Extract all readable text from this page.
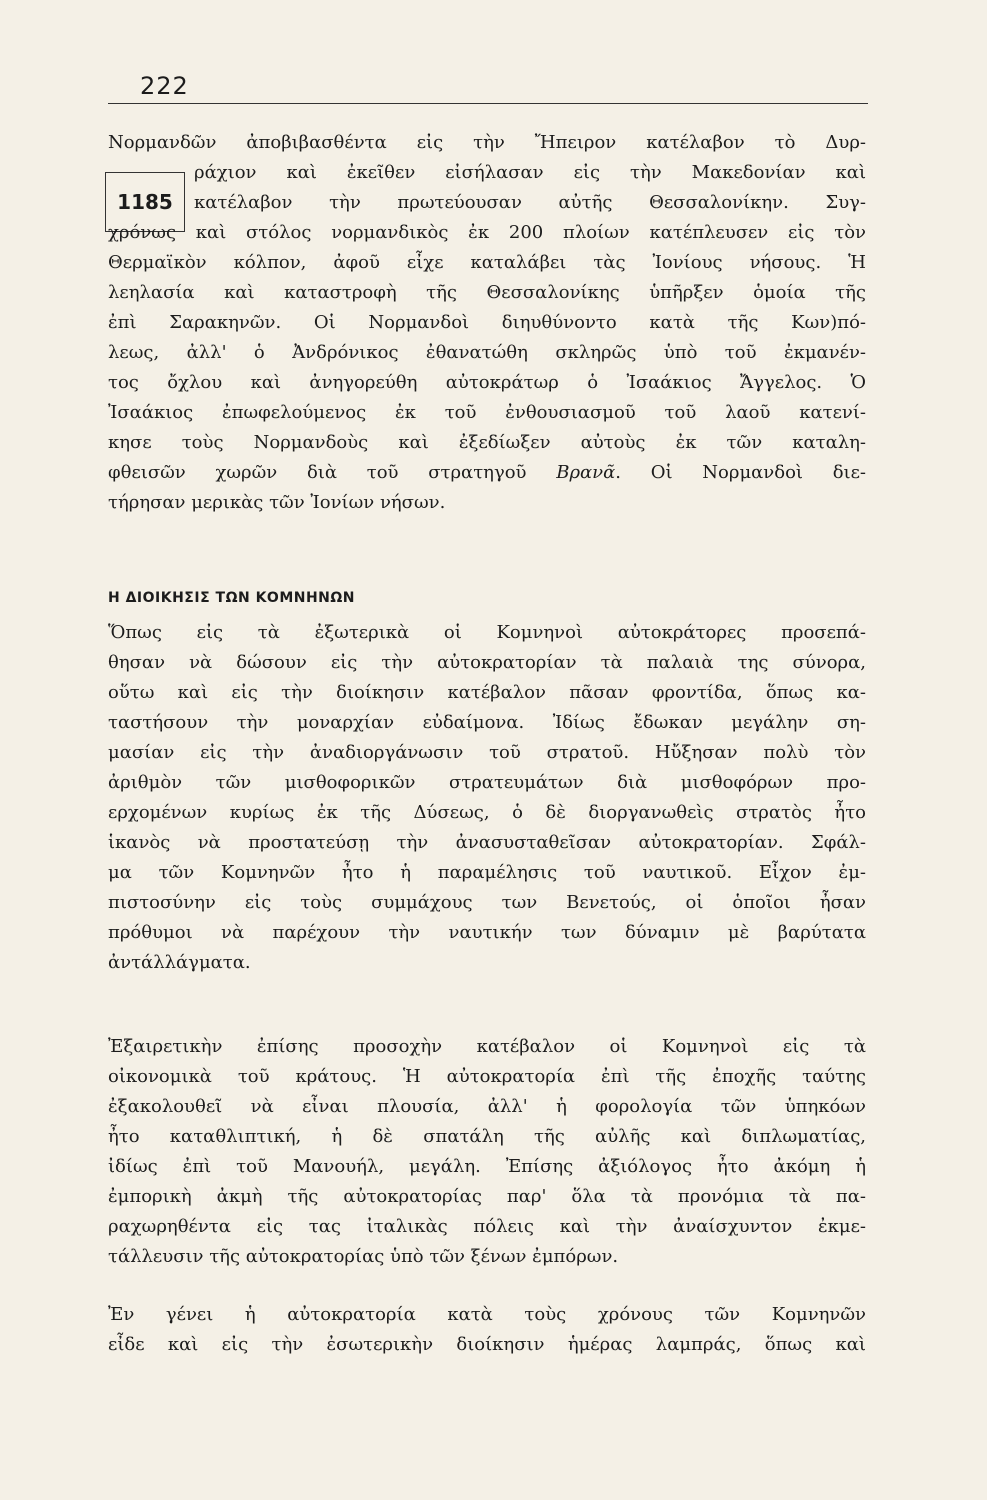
222
1185
Νορμανδῶν ἀποβιβασθέντα εἰς τὴν Ἤπειρον κατέλαβον τὸ Δυρ-
ράχιον καὶ ἐκεῖθεν εἰσήλασαν εἰς τὴν Μακεδονίαν καὶ
κατέλαβον τὴν πρωτεύουσαν αὐτῆς Θεσσαλονίκην. Συγ-
χρόνως καὶ στόλος νορμανδικὸς ἐκ 200 πλοίων κατέπλευσεν εἰς τὸν
Θερμαϊκὸν κόλπον, ἀφοῦ εἶχε καταλάβει τὰς Ἰονίους νήσους. Ἡ
λεηλασία καὶ καταστροφὴ τῆς Θεσσαλονίκης ὑπῆρξεν ὁμοία τῆς
ἐπὶ Σαρακηνῶν. Οἱ Νορμανδοὶ διηυθύνοντο κατὰ τῆς Κων)πό-
λεως, ἀλλ' ὁ Ἀνδρόνικος ἐθανατώθη σκληρῶς ὑπὸ τοῦ ἐκμανέν-
τος ὄχλου καὶ ἀνηγορεύθη αὐτοκράτωρ ὁ Ἰσαάκιος Ἄγγελος. Ὁ
Ἰσαάκιος ἐπωφελούμενος ἐκ τοῦ ἐνθουσιασμοῦ τοῦ λαοῦ κατενί-
κησε τοὺς Νορμανδοὺς καὶ ἐξεδίωξεν αὐτοὺς ἐκ τῶν καταλη-
φθεισῶν χωρῶν διὰ τοῦ στρατηγοῦ Βρανᾶ. Οἱ Νορμανδοὶ διε-
τήρησαν μερικὰς τῶν Ἰονίων νήσων.
Η ΔΙΟΙΚΗΣΙΣ ΤΩΝ ΚΟΜΝΗΝΩΝ
Ὅπως εἰς τὰ ἐξωτερικὰ οἱ Κομνηνοὶ αὐτοκράτορες προσεπά-
θησαν νὰ δώσουν εἰς τὴν αὐτοκρατορίαν τὰ παλαιὰ της σύνορα,
οὕτω καὶ εἰς τὴν διοίκησιν κατέβαλον πᾶσαν φροντίδα, ὅπως κα-
ταστήσουν τὴν μοναρχίαν εὐδαίμονα. Ἰδίως ἔδωκαν μεγάλην ση-
μασίαν εἰς τὴν ἀναδιοργάνωσιν τοῦ στρατοῦ. Ηὔξησαν πολὺ τὸν
ἀριθμὸν τῶν μισθοφορικῶν στρατευμάτων διὰ μισθοφόρων προ-
ερχομένων κυρίως ἐκ τῆς Δύσεως, ὁ δὲ διοργανωθεὶς στρατὸς ἦτο
ἱκανὸς νὰ προστατεύσῃ τὴν ἀνασυσταθεῖσαν αὐτοκρατορίαν. Σφάλ-
μα τῶν Κομνηνῶν ἦτο ἡ παραμέλησις τοῦ ναυτικοῦ. Εἶχον ἐμ-
πιστοσύνην εἰς τοὺς συμμάχους των Βενετούς, οἱ ὁποῖοι ἦσαν
πρόθυμοι νὰ παρέχουν τὴν ναυτικήν των δύναμιν μὲ βαρύτατα
ἀντάλλάγματα.
Ἐξαιρετικὴν ἐπίσης προσοχὴν κατέβαλον οἱ Κομνηνοὶ εἰς τὰ
οἰκονομικὰ τοῦ κράτους. Ἡ αὐτοκρατορία ἐπὶ τῆς ἐποχῆς ταύτης
ἐξακολουθεῖ νὰ εἶναι πλουσία, ἀλλ' ἡ φορολογία τῶν ὑπηκόων
ἦτο καταθλιπτική, ἡ δὲ σπατάλη τῆς αὐλῆς καὶ διπλωματίας,
ἰδίως ἐπὶ τοῦ Μανουήλ, μεγάλη. Ἐπίσης ἀξιόλογος ἦτο ἀκόμη ἡ
ἐμπορικὴ ἀκμὴ τῆς αὐτοκρατορίας παρ' ὅλα τὰ προνόμια τὰ πα-
ραχωρηθέντα εἰς τας ἰταλικὰς πόλεις καὶ τὴν ἀναίσχυντον ἐκμε-
τάλλευσιν τῆς αὐτοκρατορίας ὑπὸ τῶν ξένων ἐμπόρων.
Ἐν γένει ἡ αὐτοκρατορία κατὰ τοὺς χρόνους τῶν Κομνηνῶν
εἶδε καὶ εἰς τὴν ἐσωτερικὴν διοίκησιν ἡμέρας λαμπράς, ὅπως καὶ
